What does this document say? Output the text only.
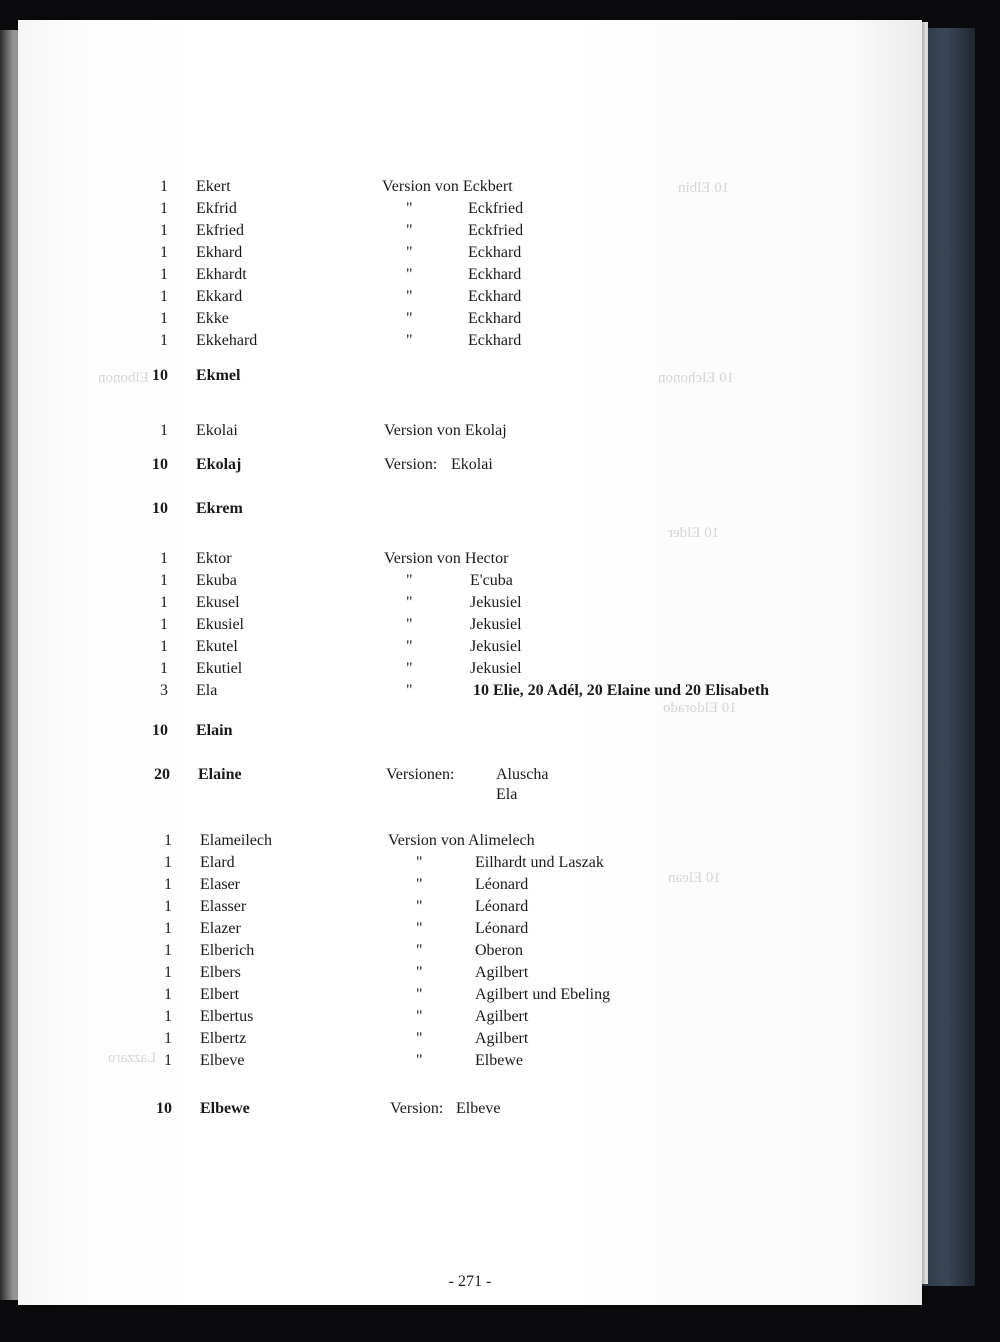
10 Elbin
10 Elchonon
10 Elder
10 Eldorado
10 Elean
Elbonon
Lazzaro
1 Ekert	Version von Eckbert
1 Ekfrid	"	Eckfried
1 Ekfried	"	Eckfried
1 Ekhard	"	Eckhard
1 Ekhardt	"	Eckhard
1 Ekkard	"	Eckhard
1 Ekke	"	Eckhard
1 Ekkehard	"	Eckhard
10 Ekmel
1 Ekolai	Version von Ekolaj
10 Ekolaj	Version: Ekolai
10 Ekrem
1 Ektor	Version von Hector
1 Ekuba	"	E'cuba
1 Ekusel	"	Jekusiel
1 Ekusiel	"	Jekusiel
1 Ekutel	"	Jekusiel
1 Ekutiel	"	Jekusiel
3 Ela	"	10 Elie, 20 Adél, 20 Elaine und 20 Elisabeth
10 Elain
20 Elaine	Versionen:	Aluscha
Ela
1 Elameilech	Version von Alimelech
1 Elard	"	Eilhardt und Laszak
1 Elaser	"	Léonard
1 Elasser	"	Léonard
1 Elazer	"	Léonard
1 Elberich	"	Oberon
1 Elbers	"	Agilbert
1 Elbert	"	Agilbert und Ebeling
1 Elbertus	"	Agilbert
1 Elbertz	"	Agilbert
1 Elbeve	"	Elbewe
10 Elbewe	Version: Elbeve
- 271 -
